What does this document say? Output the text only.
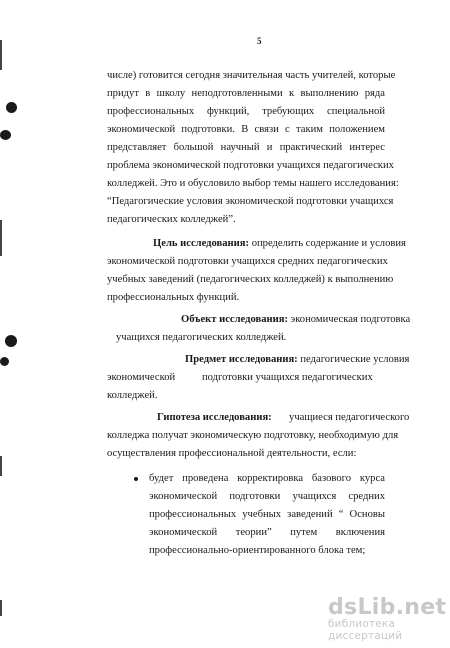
5
числе) готовится сегодня значительная часть учителей, которые
придут в школу неподготовленными к выполнению ряда
профессиональных функций, требующих специальной
экономической подготовки. В связи с таким положением
представляет большой научный и практический интерес
проблема экономической подготовки учащихся педагогических
колледжей. Это и обусловило выбор темы нашего исследования:
“Педагогические условия экономической подготовки учащихся
педагогических колледжей”.
Цель исследования: определить содержание и условия
экономической подготовки учащихся средних педагогических
учебных заведений (педагогических колледжей) к выполнению
профессиональных функций.
Объект исследования: экономическая подготовка
учащихся педагогических колледжей.
Предмет исследования: педагогические условия
экономической	подготовки учащихся педагогических
колледжей.
Гипотеза исследования: учащиеся педагогического
колледжа получат экономическую подготовку, необходимую для
осуществления профессиональной деятельности, если:
будет проведена корректировка базового курса
экономической подготовки учащихся средних
профессиональных учебных заведений “ Основы
экономической теории” путем включения
профессионально-ориентированного блока тем;
dsLib.net
библиотека диссертаций
